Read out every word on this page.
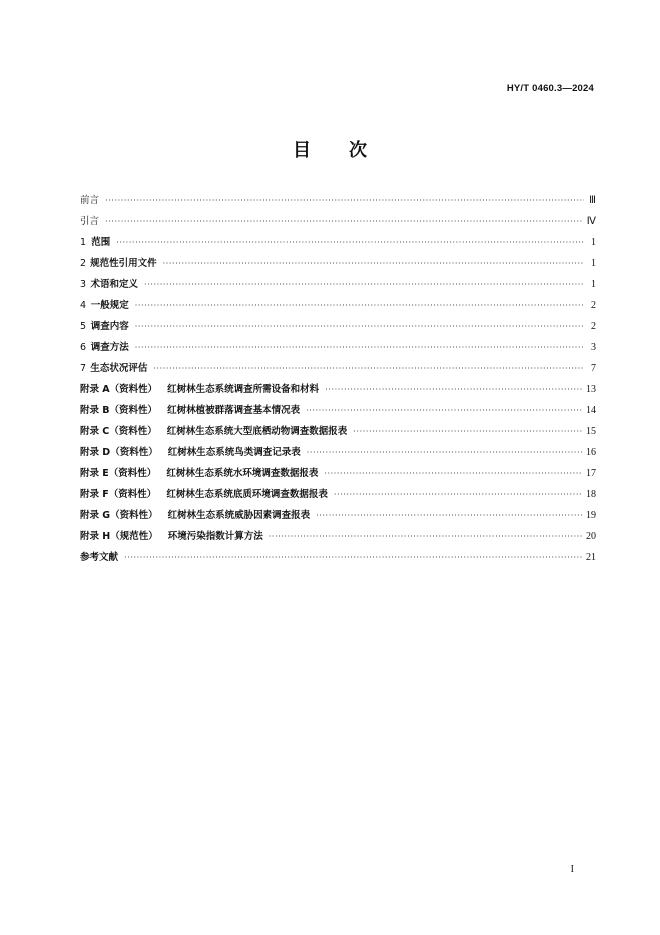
HY/T 0460.3—2024
目 次
前言 ·····	Ⅲ
引言 ·····	Ⅳ
1 范围 ·····	1
2 规范性引用文件 ·····	1
3 术语和定义 ·····	1
4 一般规定 ·····	2
5 调查内容 ·····	2
6 调查方法 ·····	3
7 生态状况评估 ·····	7
附录 A（资料性） 红树林生态系统调查所需设备和材料 ·····	13
附录 B（资料性） 红树林植被群落调查基本情况表 ·····	14
附录 C（资料性） 红树林生态系统大型底栖动物调查数据报表 ·····	15
附录 D（资料性） 红树林生态系统鸟类调查记录表 ·····	16
附录 E（资料性） 红树林生态系统水环境调查数据报表 ·····	17
附录 F（资料性） 红树林生态系统底质环境调查数据报表 ·····	18
附录 G（资料性） 红树林生态系统威胁因素调查报表 ·····	19
附录 H（规范性） 环境污染指数计算方法 ·····	20
参考文献 ·····	21
I
